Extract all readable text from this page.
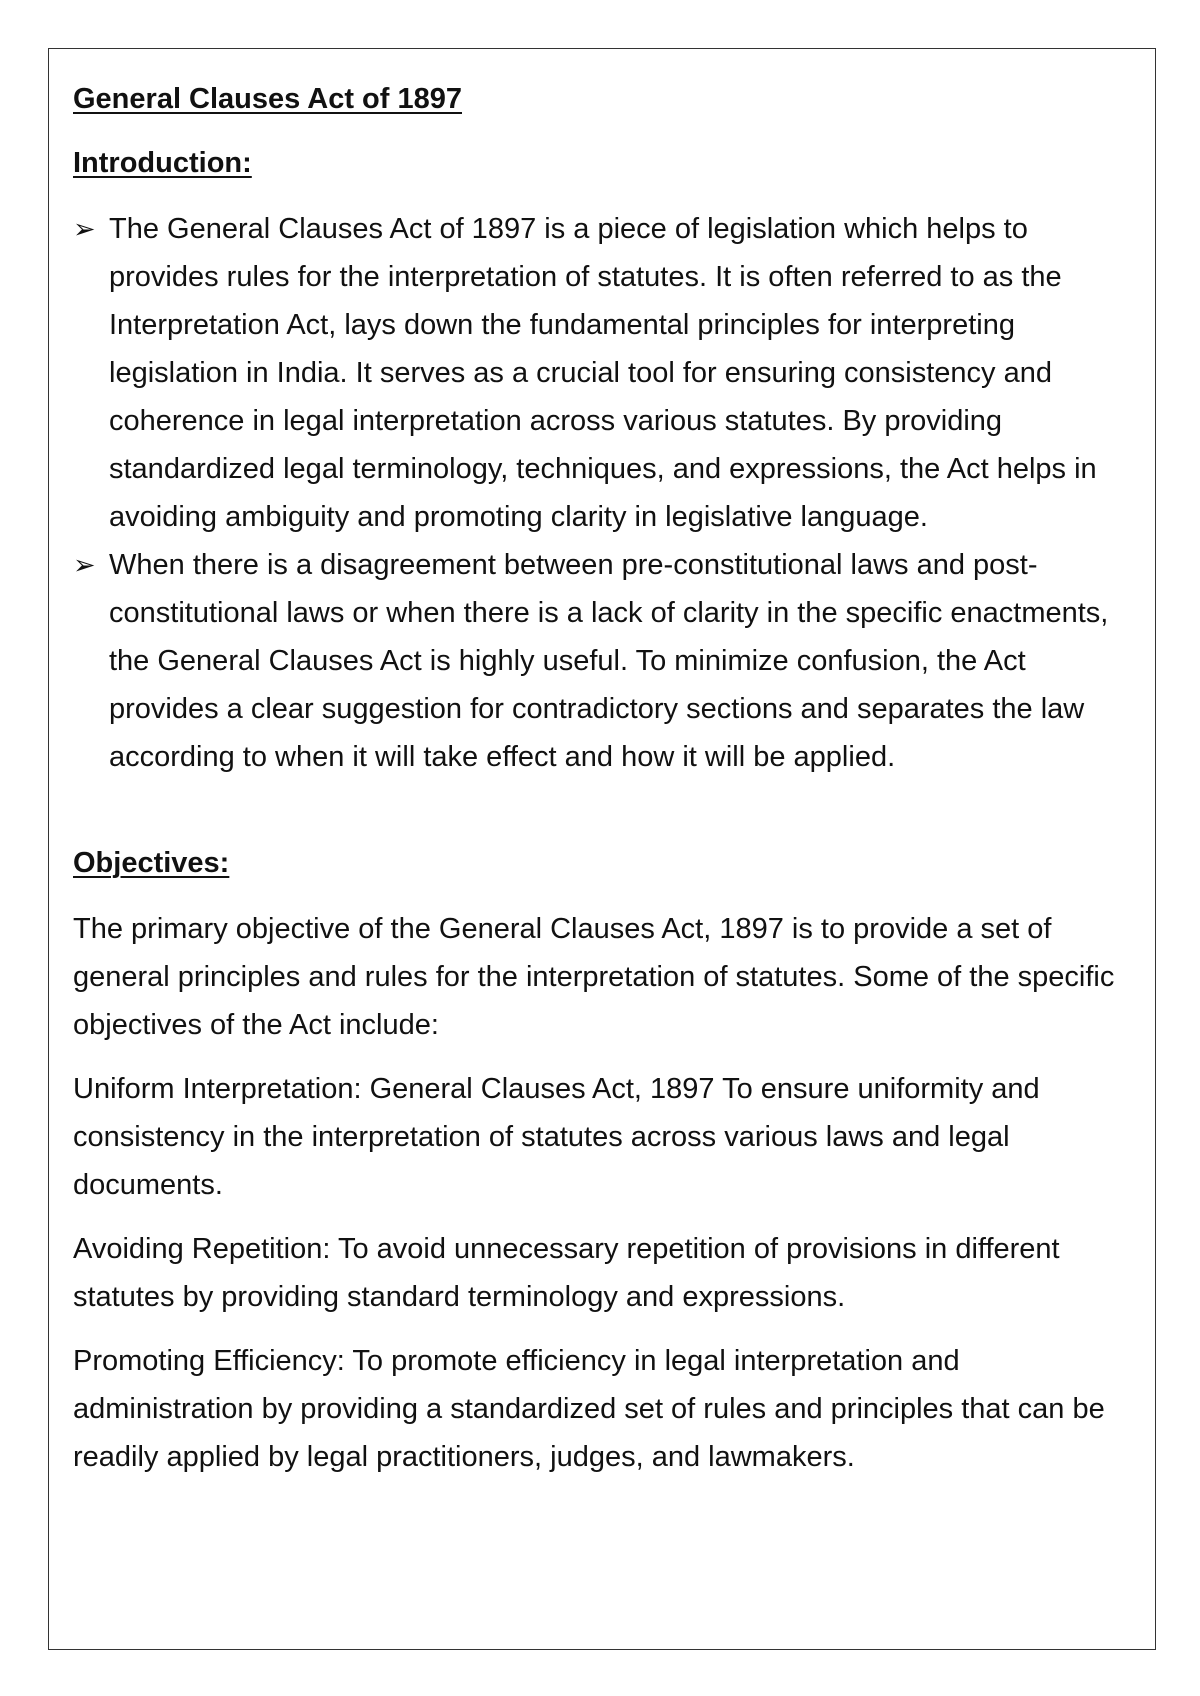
General Clauses Act of 1897
Introduction:
➢ The General Clauses Act of 1897 is a piece of legislation which helps to provides rules for the interpretation of statutes. It is often referred to as the Interpretation Act, lays down the fundamental principles for interpreting legislation in India. It serves as a crucial tool for ensuring consistency and coherence in legal interpretation across various statutes. By providing standardized legal terminology, techniques, and expressions, the Act helps in avoiding ambiguity and promoting clarity in legislative language.
➢ When there is a disagreement between pre-constitutional laws and post-constitutional laws or when there is a lack of clarity in the specific enactments, the General Clauses Act is highly useful. To minimize confusion, the Act provides a clear suggestion for contradictory sections and separates the law according to when it will take effect and how it will be applied.
Objectives:

The primary objective of the General Clauses Act, 1897 is to provide a set of general principles and rules for the interpretation of statutes. Some of the specific objectives of the Act include:

Uniform Interpretation: General Clauses Act, 1897 To ensure uniformity and consistency in the interpretation of statutes across various laws and legal documents.

Avoiding Repetition: To avoid unnecessary repetition of provisions in different statutes by providing standard terminology and expressions.

Promoting Efficiency: To promote efficiency in legal interpretation and administration by providing a standardized set of rules and principles that can be readily applied by legal practitioners, judges, and lawmakers.
